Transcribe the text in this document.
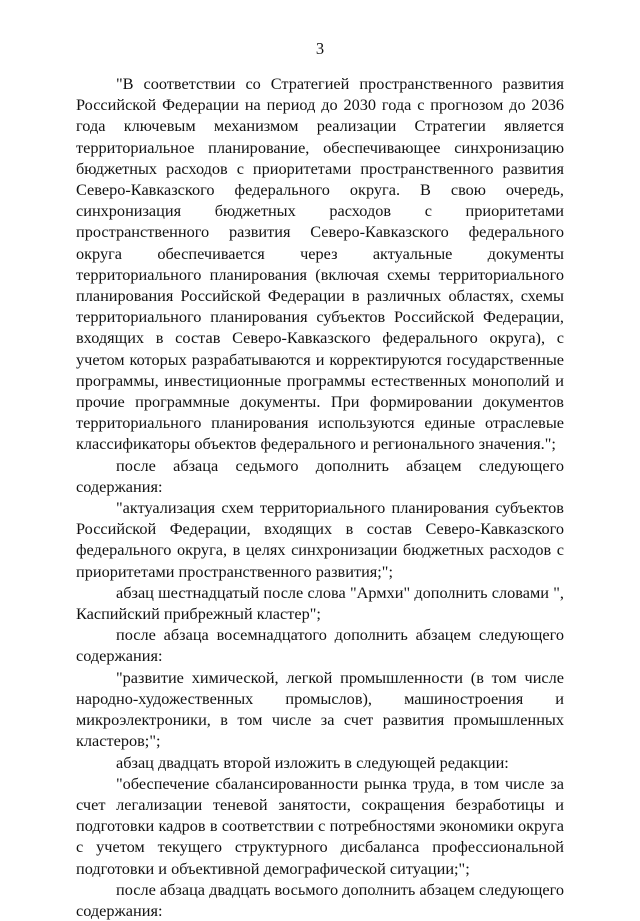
3

"В соответствии со Стратегией пространственного развития Российской Федерации на период до 2030 года с прогнозом до 2036 года ключевым механизмом реализации Стратегии является территориальное планирование, обеспечивающее синхронизацию бюджетных расходов с приоритетами пространственного развития Северо-Кавказского федерального округа. В свою очередь, синхронизация бюджетных расходов с приоритетами пространственного развития Северо-Кавказского федерального округа обеспечивается через актуальные документы территориального планирования (включая схемы территориального планирования Российской Федерации в различных областях, схемы территориального планирования субъектов Российской Федерации, входящих в состав Северо-Кавказского федерального округа), с учетом которых разрабатываются и корректируются государственные программы, инвестиционные программы естественных монополий и прочие программные документы. При формировании документов территориального планирования используются единые отраслевые классификаторы объектов федерального и регионального значения.";

после абзаца седьмого дополнить абзацем следующего содержания:

"актуализация схем территориального планирования субъектов Российской Федерации, входящих в состав Северо-Кавказского федерального округа, в целях синхронизации бюджетных расходов с приоритетами пространственного развития;";

абзац шестнадцатый после слова "Армхи" дополнить словами ", Каспийский прибрежный кластер";

после абзаца восемнадцатого дополнить абзацем следующего содержания:

"развитие химической, легкой промышленности (в том числе народно-художественных промыслов), машиностроения и микроэлектроники, в том числе за счет развития промышленных кластеров;";

абзац двадцать второй изложить в следующей редакции:

"обеспечение сбалансированности рынка труда, в том числе за счет легализации теневой занятости, сокращения безработицы и подготовки кадров в соответствии с потребностями экономики округа с учетом текущего структурного дисбаланса профессиональной подготовки и объективной демографической ситуации;";

после абзаца двадцать восьмого дополнить абзацем следующего содержания:
